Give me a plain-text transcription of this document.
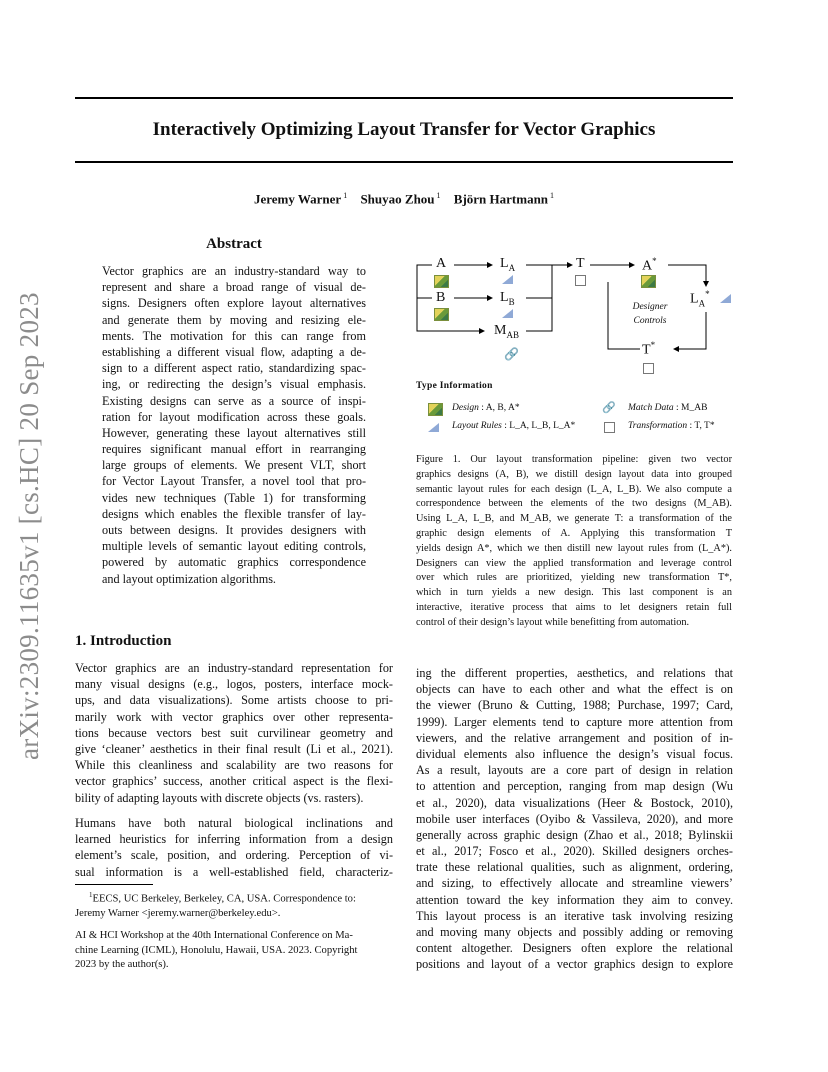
Interactively Optimizing Layout Transfer for Vector Graphics
Jeremy Warner $^1$ Shuyao Zhou $^1$ Björn Hartmann $^1$
arXiv:2309.11635v1 [cs.HC] 20 Sep 2023
Abstract
Vector graphics are an industry-standard way to
represent and share a broad range of visual de-
signs. Designers often explore layout alternatives
and generate them by moving and resizing ele-
ments. The motivation for this can range from
establishing a different visual flow, adapting a de-
sign to a different aspect ratio, standardizing spac-
ing, or redirecting the design’s visual emphasis.
Existing designs can serve as a source of inspi-
ration for layout modification across these goals.
However, generating these layout alternatives still
requires significant manual effort in rearranging
large groups of elements. We present VLT, short
for Vector Layout Transfer, a novel tool that pro-
vides new techniques (Table 1) for transforming
designs which enables the flexible transfer of lay-
outs between designs. It provides designers with
multiple levels of semantic layout editing controls,
powered by automatic graphics correspondence
and layout optimization algorithms.
1. Introduction
Vector graphics are an industry-standard representation for
many visual designs (e.g., logos, posters, interface mock-
ups, and data visualizations). Some artists choose to pri-
marily work with vector graphics over other representa-
tions because vectors best suit curvilinear geometry and
give ‘cleaner’ aesthetics in their final result (Li et al., 2021).
While this cleanliness and scalability are two reasons for
vector graphics’ success, another critical aspect is the flexi-
bility of adapting layouts with discrete objects (vs. rasters).
Humans have both natural biological inclinations and
learned heuristics for inferring information from a design
element’s scale, position, and ordering. Perception of vi-
sual information is a well-established field, characteriz-
$^1$EECS, UC Berkeley, Berkeley, CA, USA. Correspondence to:
Jeremy Warner <jeremy.warner@berkeley.edu>.
AI & HCI Workshop at the 40th International Conference on Ma-
chine Learning (ICML), Honolulu, Hawaii, USA. 2023. Copyright
2023 by the author(s).
A
B
$L_A$
$L_B$
$M_{AB}$
🔗
T	A*
$L_A^*$
Designer
Controls
T*
Type Information
Design : A, B, A*
Layout Rules : L_A, L_B, L_A*
🔗 Match Data : M_AB
Transformation : T, T*
Figure 1. Our layout transformation pipeline: given two vector
graphics designs (A, B), we distill design layout data into grouped
semantic layout rules for each design (L_A, L_B). We also compute a
correspondence between the elements of the two designs (M_AB).
Using L_A, L_B, and M_AB, we generate T: a transformation of the
graphic design elements of A. Applying this transformation T
yields design A*, which we then distill new layout rules from (L_A*).
Designers can view the applied transformation and leverage control
over which rules are prioritized, yielding new transformation T*,
which in turn yields a new design. This last component is an
interactive, iterative process that aims to let designers retain full
control of their design’s layout while benefitting from automation.
ing the different properties, aesthetics, and relations that
objects can have to each other and what the effect is on
the viewer (Bruno & Cutting, 1988; Purchase, 1997; Card,
1999). Larger elements tend to capture more attention from
viewers, and the relative arrangement and position of in-
dividual elements also influence the design’s visual focus.
As a result, layouts are a core part of design in relation
to attention and perception, ranging from map design (Wu
et al., 2020), data visualizations (Heer & Bostock, 2010),
mobile user interfaces (Oyibo & Vassileva, 2020), and more
generally across graphic design (Zhao et al., 2018; Bylinskii
et al., 2017; Fosco et al., 2020). Skilled designers orches-
trate these relational qualities, such as alignment, ordering,
and sizing, to effectively allocate and streamline viewers’
attention toward the key information they aim to convey.
This layout process is an iterative task involving resizing
and moving many objects and possibly adding or removing
content altogether. Designers often explore the relational
positions and layout of a vector graphics design to explore
